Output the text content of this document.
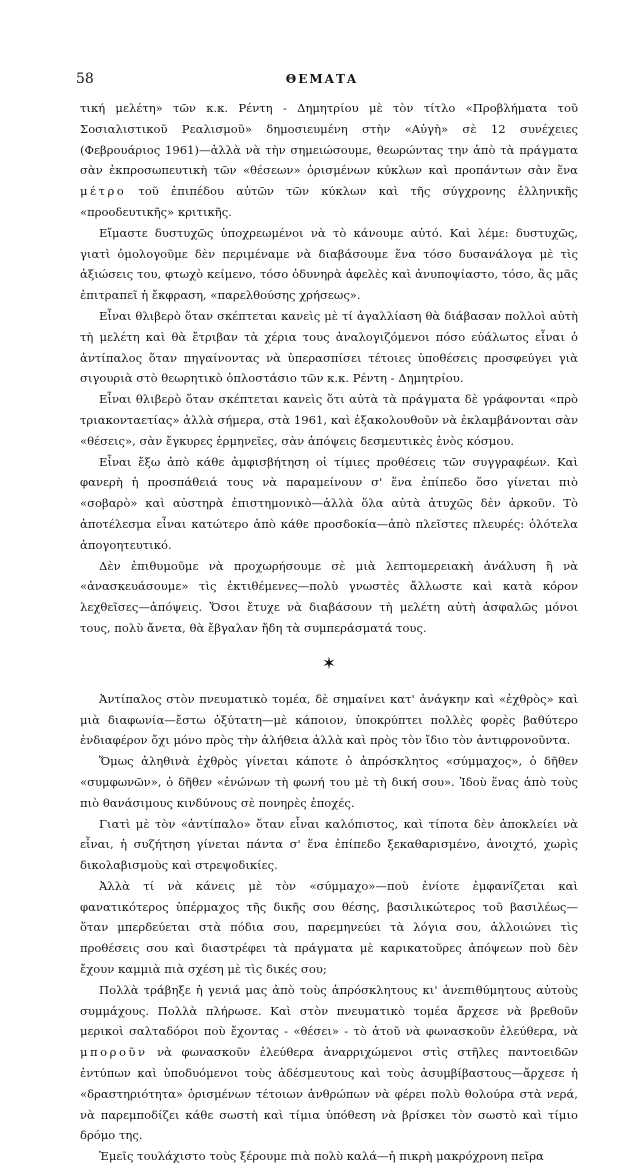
58	ΘΕΜΑΤΑ

τική μελέτη» τῶν κ.κ. Ρέντη - Δημητρίου μὲ τὸν τίτλο «Προβλήματα τοῦ Σοσιαλιστικοῦ Ρεαλισμοῦ» δημοσιευμένη στὴν «Αὐγὴ» σὲ 12 συνέχειες (Φεβρουάριος 1961)—ἀλλὰ νὰ τὴν σημειώσουμε, θεωρώντας την ἀπὸ τὰ πράγματα σὰν ἐκπροσωπευτικὴ τῶν «θέσεων» ὁρισμένων κύκλων καὶ προπάντων σὰν ἕνα μέτρο τοῦ ἐπιπέδου αὐτῶν τῶν κύκλων καὶ τῆς σύγχρονης ἑλληνικῆς «προοδευτικῆς» κριτικῆς.

Εἴμαστε δυστυχῶς ὑποχρεωμένοι νὰ τὸ κάνουμε αὐτό. Καὶ λέμε: δυστυχῶς, γιατὶ ὁμολογοῦμε δὲν περιμέναμε νὰ διαβάσουμε ἕνα τόσο δυσανάλογα μὲ τὶς ἀξιώσεις του, φτωχὸ κείμενο, τόσο ὀδυνηρὰ ἀφελὲς καὶ ἀνυποψίαστο, τόσο, ἂς μᾶς ἐπιτραπεῖ ἡ ἔκφραση, «παρελθούσης χρήσεως».

Εἶναι θλιβερὸ ὅταν σκέπτεται κανεὶς μὲ τί ἀγαλλίαση θὰ διάβασαν πολλοὶ αὐτὴ τὴ μελέτη καὶ θὰ ἔτριβαν τὰ χέρια τους ἀναλογιζόμενοι πόσο εὐάλωτος εἶναι ὁ ἀντίπαλος ὅταν πηγαίνοντας νὰ ὑπερασπίσει τέτοιες ὑποθέσεις προσφεύγει γιὰ σιγουριὰ στὸ θεωρητικὸ ὁπλοστάσιο τῶν κ.κ. Ρέντη - Δημητρίου.

Εἶναι θλιβερὸ ὅταν σκέπτεται κανεὶς ὅτι αὐτὰ τὰ πράγματα δὲ γράφονται «πρὸ τριακονταετίας» ἀλλὰ σήμερα, στὰ 1961, καὶ ἐξακολουθοῦν νὰ ἐκλαμβάνονται σὰν «θέσεις», σὰν ἔγκυρες ἑρμηνεῖες, σὰν ἀπόψεις δεσμευτικὲς ἑνὸς κόσμου.

Εἶναι ἔξω ἀπὸ κάθε ἀμφισβήτηση οἱ τίμιες προθέσεις τῶν συγγραφέων. Καὶ φανερὴ ἡ προσπάθειά τους νὰ παραμείνουν σ' ἕνα ἐπίπεδο ὅσο γίνεται πιὸ «σοβαρὸ» καὶ αὐστηρὰ ἐπιστημονικὸ—ἀλλὰ ὅλα αὐτὰ ἀτυχῶς δὲν ἀρκοῦν. Τὸ ἀποτέλεσμα εἶναι κατώτερο ἀπὸ κάθε προσδοκία—ἀπὸ πλεῖστες πλευρές: ὁλότελα ἀπογοητευτικό.

Δὲν ἐπιθυμοῦμε νὰ προχωρήσουμε σὲ μιὰ λεπτομερειακὴ ἀνάλυση ἢ νὰ «ἀνασκευάσουμε» τὶς ἐκτιθέμενες—πολὺ γνωστὲς ἄλλωστε καὶ κατὰ κόρον λεχθεῖσες—ἀπόψεις. Ὅσοι ἔτυχε νὰ διαβάσουν τὴ μελέτη αὐτὴ ἀσφαλῶς μόνοι τους, πολὺ ἄνετα, θὰ ἔβγαλαν ἤδη τὰ συμπεράσματά τους.

✶

Ἀντίπαλος στὸν πνευματικὸ τομέα, δὲ σημαίνει κατ' ἀνάγκην καὶ «ἐχθρὸς» καὶ μιὰ διαφωνία—ἔστω ὀξύτατη—μὲ κάποιον, ὑποκρύπτει πολλὲς φορὲς βαθύτερο ἐνδιαφέρον ὄχι μόνο πρὸς τὴν ἀλήθεια ἀλλὰ καὶ πρὸς τὸν ἴδιο τὸν ἀντιφρονοῦντα.

Ὅμως ἀληθινὰ ἐχθρὸς γίνεται κάποτε ὁ ἀπρόσκλητος «σύμμαχος», ὁ δῆθεν «συμφωνῶν», ὁ δῆθεν «ἑνώνων τὴ φωνή του μὲ τὴ δική σου». Ἰδοὺ ἕνας ἀπὸ τοὺς πιὸ θανάσιμους κινδύνους σὲ πονηρὲς ἐποχές.

Γιατὶ μὲ τὸν «ἀντίπαλο» ὅταν εἶναι καλόπιστος, καὶ τίποτα δὲν ἀποκλείει νὰ εἶναι, ἡ συζήτηση γίνεται πάντα σ' ἕνα ἐπίπεδο ξεκαθαρισμένο, ἀνοιχτό, χωρὶς δικολαβισμοὺς καὶ στρεψοδικίες.

Ἀλλὰ τί νὰ κάνεις μὲ τὸν «σύμμαχο»—ποὺ ἐνίοτε ἐμφανίζεται καὶ φανατικότερος ὑπέρμαχος τῆς δικῆς σου θέσης, βασιλικώτερος τοῦ βασιλέως—ὅταν μπερδεύεται στὰ πόδια σου, παρεμηνεύει τὰ λόγια σου, ἀλλοιώνει τὶς προθέσεις σου καὶ διαστρέφει τὰ πράγματα μὲ καρικατοῦρες ἀπόψεων ποὺ δὲν ἔχουν καμμιὰ πιὰ σχέση μὲ τὶς δικές σου;

Πολλὰ τράβηξε ἡ γενιά μας ἀπὸ τοὺς ἀπρόσκλητους κι' ἀνεπιθύμητους αὐτοὺς συμμάχους. Πολλὰ πλήρωσε. Καὶ στὸν πνευματικὸ τομέα ἄρχεσε νὰ βρεθοῦν μερικοὶ σαλταδόροι ποὺ ἔχοντας - «θέσει» - τὸ ἀτοῦ νὰ φωνασκοῦν ἐλεύθερα, νὰ μποροῦν νὰ φωνασκοῦν ἐλεύθερα ἀναρριχώμενοι στὶς στῆλες παντοειδῶν ἐντύπων καὶ ὑποδυόμενοι τοὺς ἀδέσμευτους καὶ τοὺς ἀσυμβίβαστους—ἄρχεσε ἡ «δραστηριότητα» ὁρισμένων τέτοιων ἀνθρώπων νὰ φέρει πολὺ θολούρα στὰ νερά, νὰ παρεμποδίζει κάθε σωστὴ καὶ τίμια ὑπόθεση νὰ βρίσκει τὸν σωστὸ καὶ τίμιο δρόμο της.

Ἐμεῖς τουλάχιστο τοὺς ξέρουμε πιὰ πολὺ καλά—ἡ πικρὴ μακρόχρονη πεῖρα
